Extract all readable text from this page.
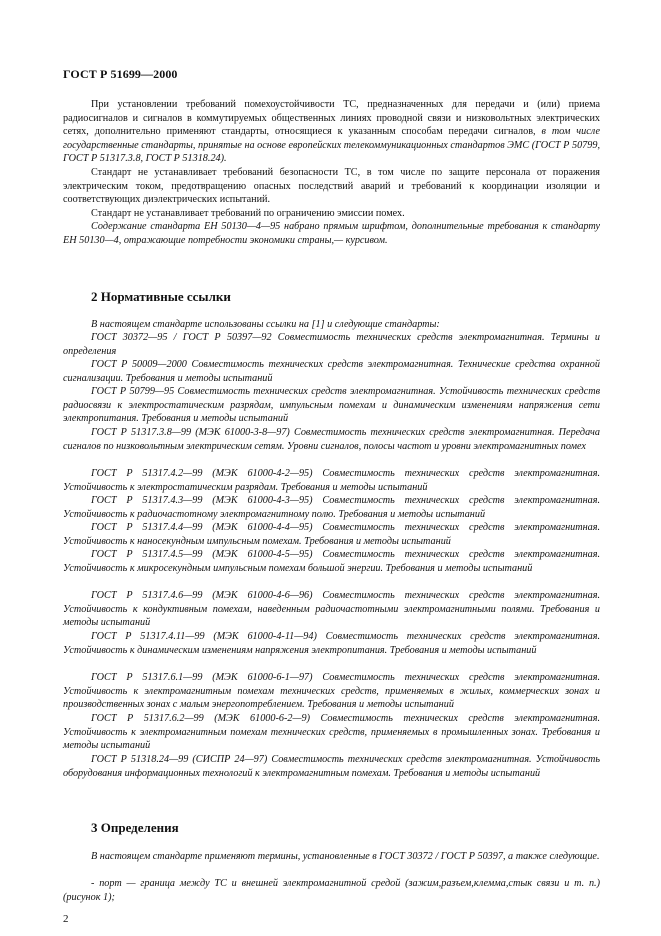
ГОСТ Р 51699—2000

При установлении требований помехоустойчивости ТС, предназначенных для передачи и (или) приема радиосигналов и сигналов в коммутируемых общественных линиях проводной связи и низковольтных электрических сетях, дополнительно применяют стандарты, относящиеся к указанным способам передачи сигналов, в том числе государственные стандарты, принятые на основе европейских телекоммуникационных стандартов ЭМС (ГОСТ Р 50799, ГОСТ Р 51317.3.8, ГОСТ Р 51318.24).

Стандарт не устанавливает требований безопасности ТС, в том числе по защите персонала от поражения электрическим током, предотвращению опасных последствий аварий и требований к координации изоляции и соответствующих диэлектрических испытаний.

Стандарт не устанавливает требований по ограничению эмиссии помех.

Содержание стандарта ЕН 50130—4—95 набрано прямым шрифтом, дополнительные требования к стандарту ЕН 50130—4, отражающие потребности экономики страны,— курсивом.

2 Нормативные ссылки

В настоящем стандарте использованы ссылки на [1] и следующие стандарты:

ГОСТ 30372—95 / ГОСТ Р 50397—92 Совместимость технических средств электромагнитная. Термины и определения

ГОСТ Р 50009—2000 Совместимость технических средств электромагнитная. Технические средства охранной сигнализации. Требования и методы испытаний

ГОСТ Р 50799—95 Совместимость технических средств электромагнитная. Устойчивость технических средств радиосвязи к электростатическим разрядам, импульсным помехам и динамическим изменениям напряжения сети электропитания. Требования и методы испытаний

ГОСТ Р 51317.3.8—99 (МЭК 61000-3-8—97) Совместимость технических средств электромагнитная. Передача сигналов по низковольтным электрическим сетям. Уровни сигналов, полосы частот и уровни электромагнитных помех

ГОСТ Р 51317.4.2—99 (МЭК 61000-4-2—95) Совместимость технических средств электромагнитная. Устойчивость к электростатическим разрядам. Требования и методы испытаний

ГОСТ Р 51317.4.3—99 (МЭК 61000-4-3—95) Совместимость технических средств электромагнитная. Устойчивость к радиочастотному электромагнитному полю. Требования и методы испытаний

ГОСТ Р 51317.4.4—99 (МЭК 61000-4-4—95) Совместимость технических средств электромагнитная. Устойчивость к наносекундным импульсным помехам. Требования и методы испытаний

ГОСТ Р 51317.4.5—99 (МЭК 61000-4-5—95) Совместимость технических средств электромагнитная. Устойчивость к микросекундным импульсным помехам большой энергии. Требования и методы испытаний

ГОСТ Р 51317.4.6—99 (МЭК 61000-4-6—96) Совместимость технических средств электромагнитная. Устойчивость к кондуктивным помехам, наведенным радиочастотными электромагнитными полями. Требования и методы испытаний

ГОСТ Р 51317.4.11—99 (МЭК 61000-4-11—94) Совместимость технических средств электромагнитная. Устойчивость к динамическим изменениям напряжения электропитания. Требования и методы испытаний

ГОСТ Р 51317.6.1—99 (МЭК 61000-6-1—97) Совместимость технических средств электромагнитная. Устойчивость к электромагнитным помехам технических средств, применяемых в жилых, коммерческих зонах и производственных зонах с малым энергопотреблением. Требования и методы испытаний

ГОСТ Р 51317.6.2—99 (МЭК 61000-6-2—9) Совместимость технических средств электромагнитная. Устойчивость к электромагнитным помехам технических средств, применяемых в промышленных зонах. Требования и методы испытаний

ГОСТ Р 51318.24—99 (СИСПР 24—97) Совместимость технических средств электромагнитная. Устойчивость оборудования информационных технологий к электромагнитным помехам. Требования и методы испытаний

3 Определения

В настоящем стандарте применяют термины, установленные в ГОСТ 30372 / ГОСТ Р 50397, а также следующие.

- порт — граница между ТС и внешней электромагнитной средой (зажим,разъем,клемма,стык связи и т. п.) (рисунок 1);

2
